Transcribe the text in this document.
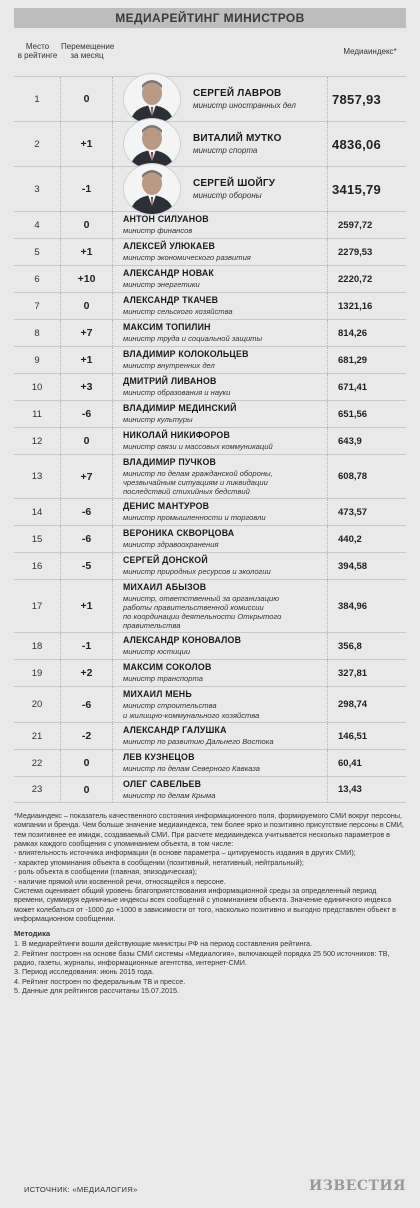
МЕДИАРЕЙТИНГ МИНИСТРОВ
Место
в рейтинге
Перемещение
за месяц	Медиаиндекс*
1	0	СЕРГЕЙ ЛАВРОВ
министр иностранных дел	7857,93
2	+1	ВИТАЛИЙ МУТКО
министр спорта	4836,06
3	-1	СЕРГЕЙ ШОЙГУ
министр обороны	3415,79
4	0	АНТОН СИЛУАНОВ
министр финансов
2597,72
5	+1	АЛЕКСЕЙ УЛЮКАЕВ
министр экономического развития
2279,53
6	+10	АЛЕКСАНДР НОВАК
министр энергетики
2220,72
7	0	АЛЕКСАНДР ТКАЧЕВ
министр сельского хозяйства
1321,16
8	+7	МАКСИМ ТОПИЛИН
министр труда и социальной защиты
814,26
9	+1	ВЛАДИМИР КОЛОКОЛЬЦЕВ
министр внутренних дел
681,29
10	+3	ДМИТРИЙ ЛИВАНОВ
министр образования и науки
671,41
11	-6	ВЛАДИМИР МЕДИНСКИЙ
министр культуры
651,56
12	0	НИКОЛАЙ НИКИФОРОВ
министр связи и массовых коммуникаций
643,9
13	+7
ВЛАДИМИР ПУЧКОВ
министр по делам гражданской обороны,
чрезвычайным ситуациям и ликвидации
последствий стихийных бедствий
608,78
14	-6	ДЕНИС МАНТУРОВ
министр промышленности и торговли
473,57
15	-6	ВЕРОНИКА СКВОРЦОВА
министр здравоохранения
440,2
16	-5	СЕРГЕЙ ДОНСКОЙ
министр природных ресурсов и экологии
394,58
17	+1
МИХАИЛ АБЫЗОВ
министр, ответственный за организацию
работы правительственной комиссии
по координации деятельности Открытого
правительства
384,96
18	-1	АЛЕКСАНДР КОНОВАЛОВ
министр юстиции
356,8
19	+2	МАКСИМ СОКОЛОВ
министр транспорта
327,81
20	-6
МИХАИЛ МЕНЬ
министр строительства
и жилищно-коммунального хозяйства
298,74
21	-2	АЛЕКСАНДР ГАЛУШКА
министр по развитию Дальнего Востока
146,51
22	0	ЛЕВ КУЗНЕЦОВ
министр по делам Северного Кавказа
60,41
23	0	ОЛЕГ САВЕЛЬЕВ
министр по делам Крыма
13,43

*Медиаиндекс – показатель качественного состояния информационного поля, формируемого СМИ вокруг персоны, компании и бренда. Чем больше значение медиаиндекса, тем более ярко и позитивно присутствие персоны в СМИ, тем позитивнее ее имидж, создаваемый СМИ. При расчете медиаиндекса учитывается несколько параметров в рамках каждого сообщения с упоминанием объекта, в том числе:

- влиятельность источника информации (в основе параметра – цитируемость издания в других СМИ);

- характер упоминания объекта в сообщении (позитивный, негативный, нейтральный);

- роль объекта в сообщении (главная, эпизодическая);

- наличие прямой или косвенной речи, относящейся к персоне.

Система оценивает общий уровень благоприятствования информационной среды за определенный период времени, суммируя единичные индексы всех сообщений с упоминанием объекта. Значение единичного индекса может колебаться от -1000 до +1000 в зависимости от того, насколько позитивно и выгодно представлен объект в информационном сообщении.

Методика

1. В медиарейтинги вошли действующие министры РФ на период составления рейтинга.

2. Рейтинг построен на основе базы СМИ системы «Медиалогия», включающей порядка 25 500 источников: ТВ, радио, газеты, журналы, информационные агентства, интернет-СМИ.

3. Период исследования: июнь 2015 года.

4. Рейтинг построен по федеральным ТВ и прессе.

5. Данные для рейтингов рассчитаны 15.07.2015.

ИСТОЧНИК: «МЕДИАЛОГИЯ»	ИЗВЕСТИЯ
